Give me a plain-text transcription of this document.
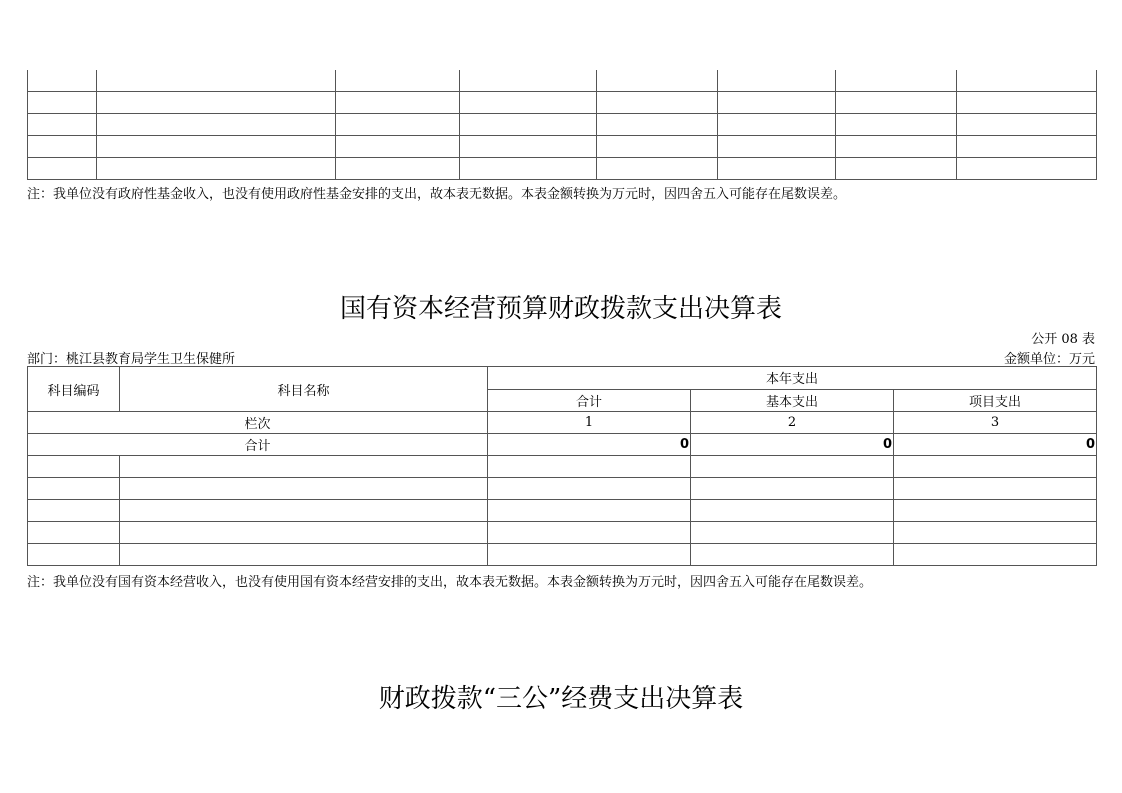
注：我单位没有政府性基金收入，也没有使用政府性基金安排的支出，故本表无数据。本表金额转换为万元时，因四舍五入可能存在尾数误差。
国有资本经营预算财政拨款支出决算表
公开 08 表
部门：桃江县教育局学生卫生保健所	金额单位：万元
科目编码	科目名称	本年支出		
		合计	基本支出	项目支出
栏次		1	2	3
合计		0	0	0

注：我单位没有国有资本经营收入，也没有使用国有资本经营安排的支出，故本表无数据。本表金额转换为万元时，因四舍五入可能存在尾数误差。
财政拨款“三公”经费支出决算表
